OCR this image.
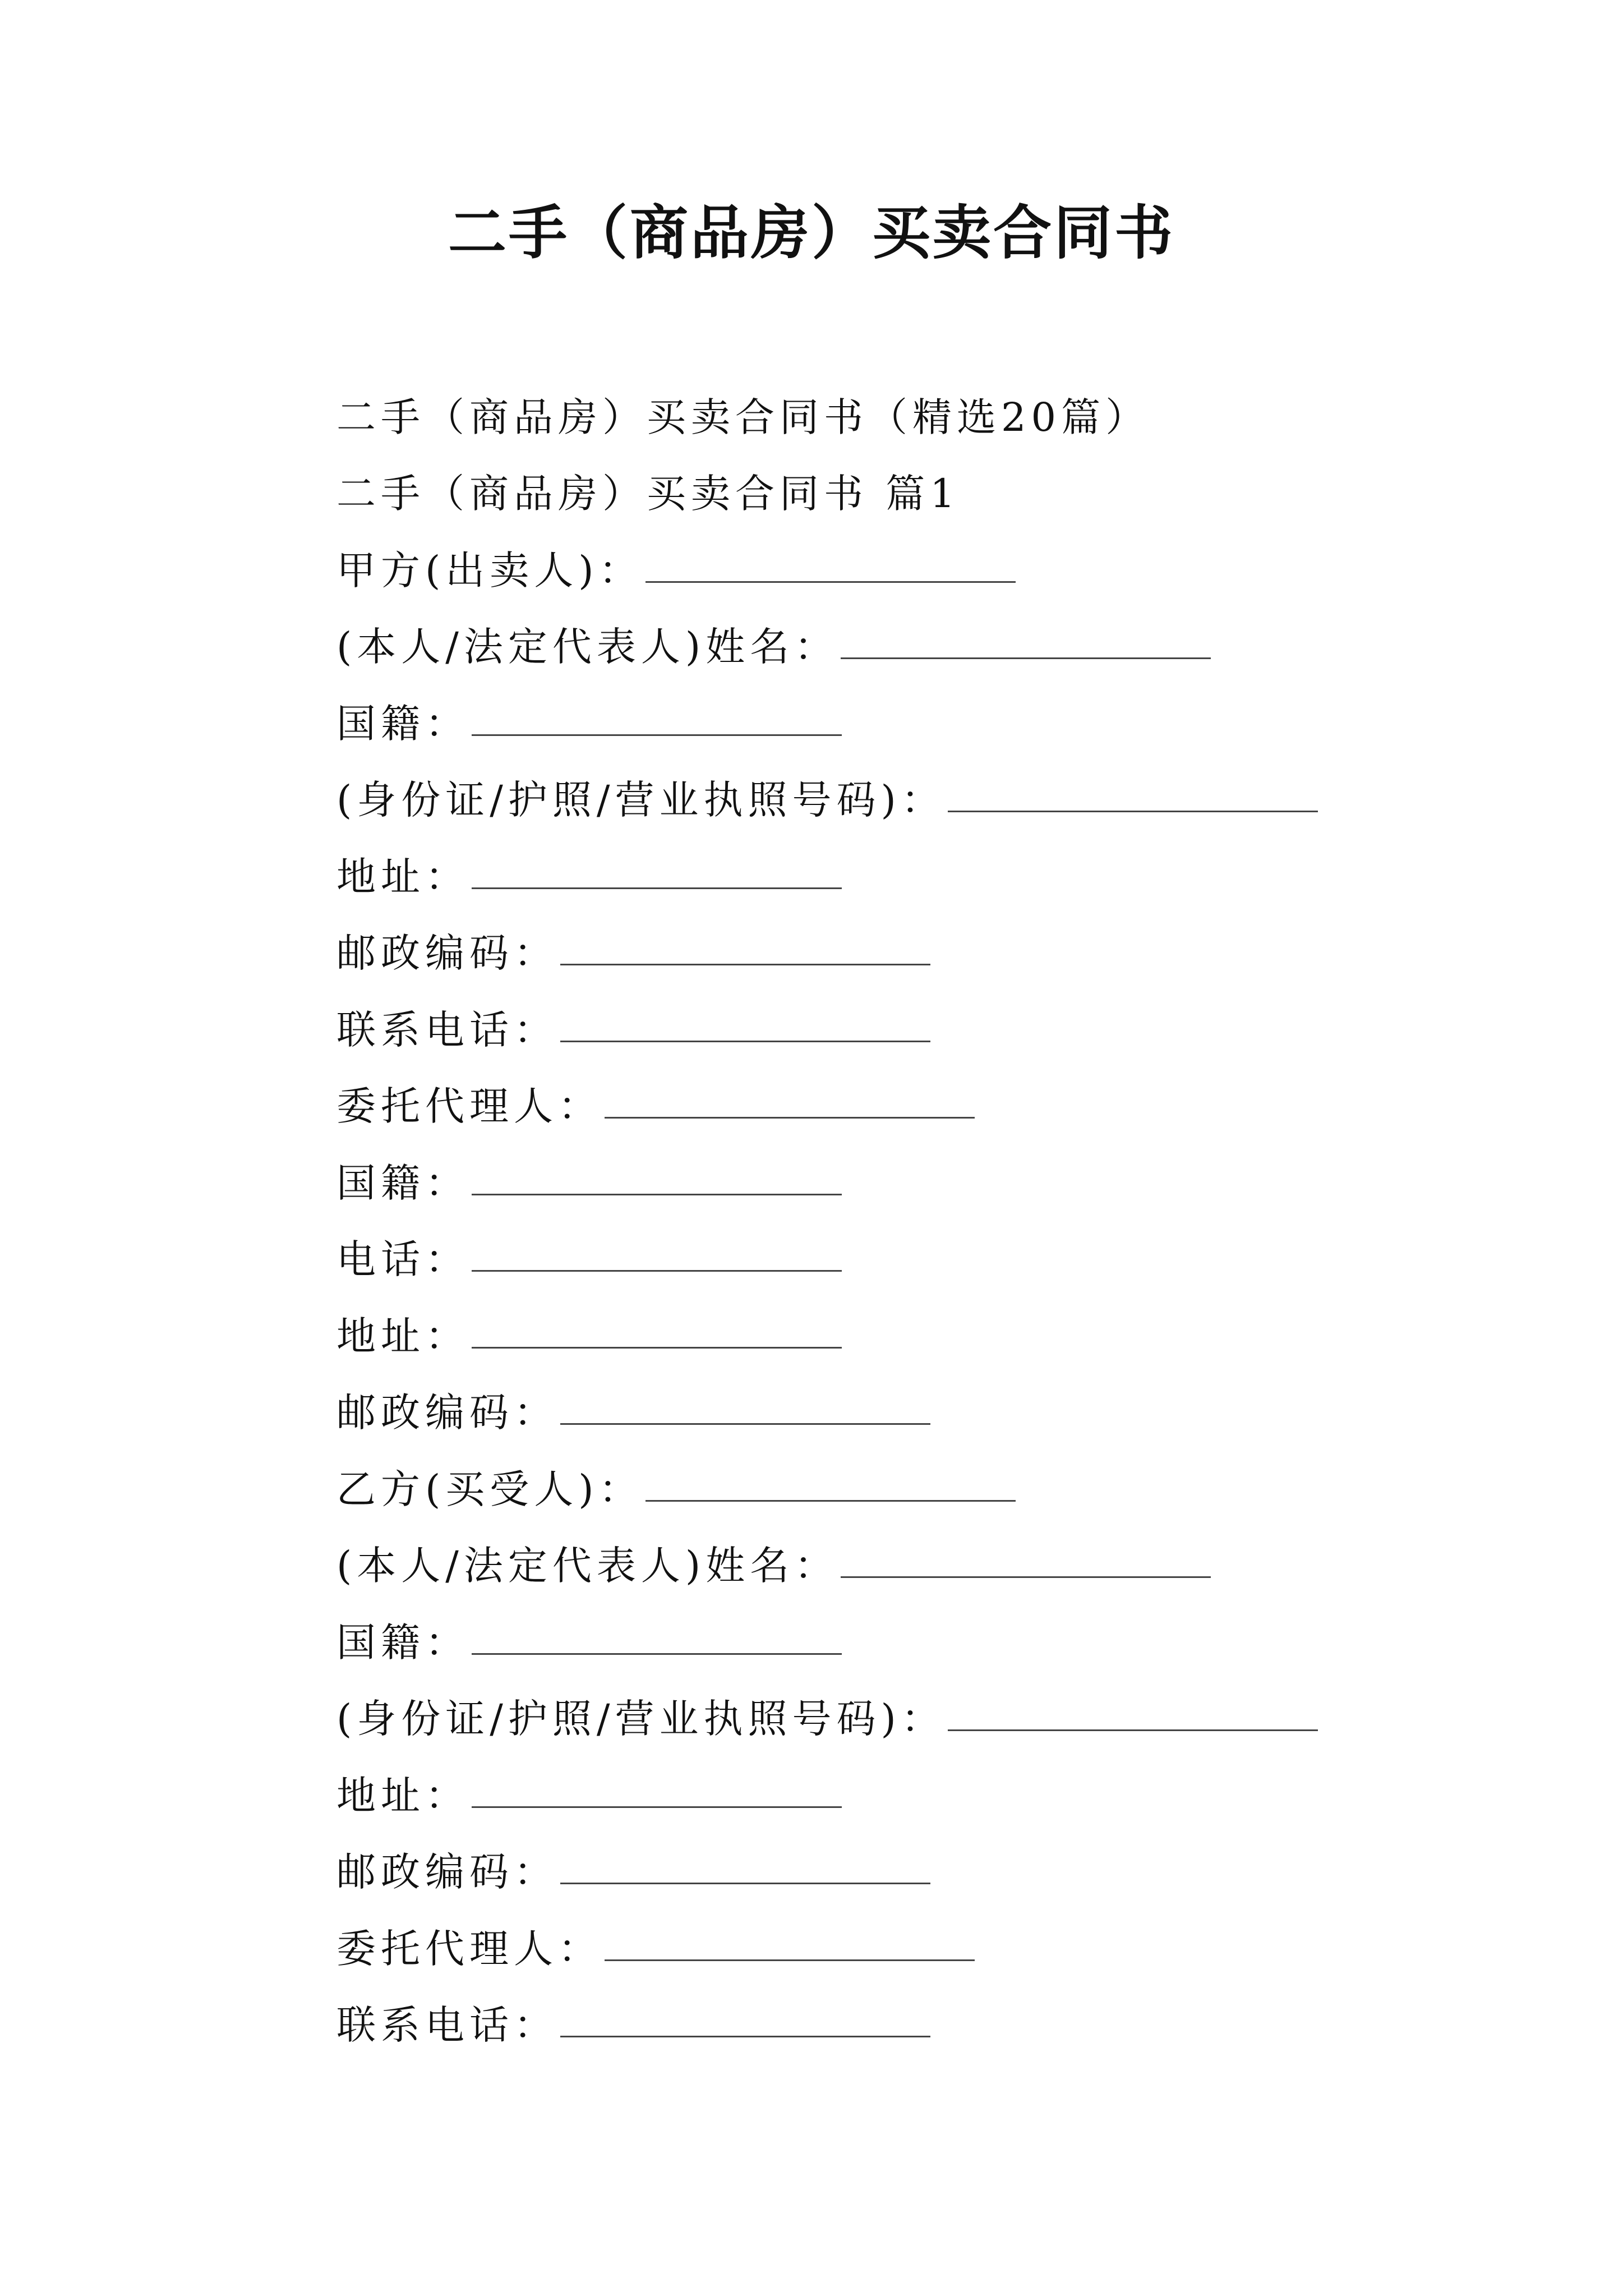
二手（商品房）买卖合同书
二手（商品房）买卖合同书（精选20篇）
二手（商品房）买卖合同书 篇1
甲方(出卖人)：
(本人/法定代表人)姓名：
国籍：
(身份证/护照/营业执照号码)：
地址：
邮政编码：
联系电话：
委托代理人：
国籍：
电话：
地址：
邮政编码：
乙方(买受人)：
(本人/法定代表人)姓名：
国籍：
(身份证/护照/营业执照号码)：
地址：
邮政编码：
委托代理人：
联系电话：
